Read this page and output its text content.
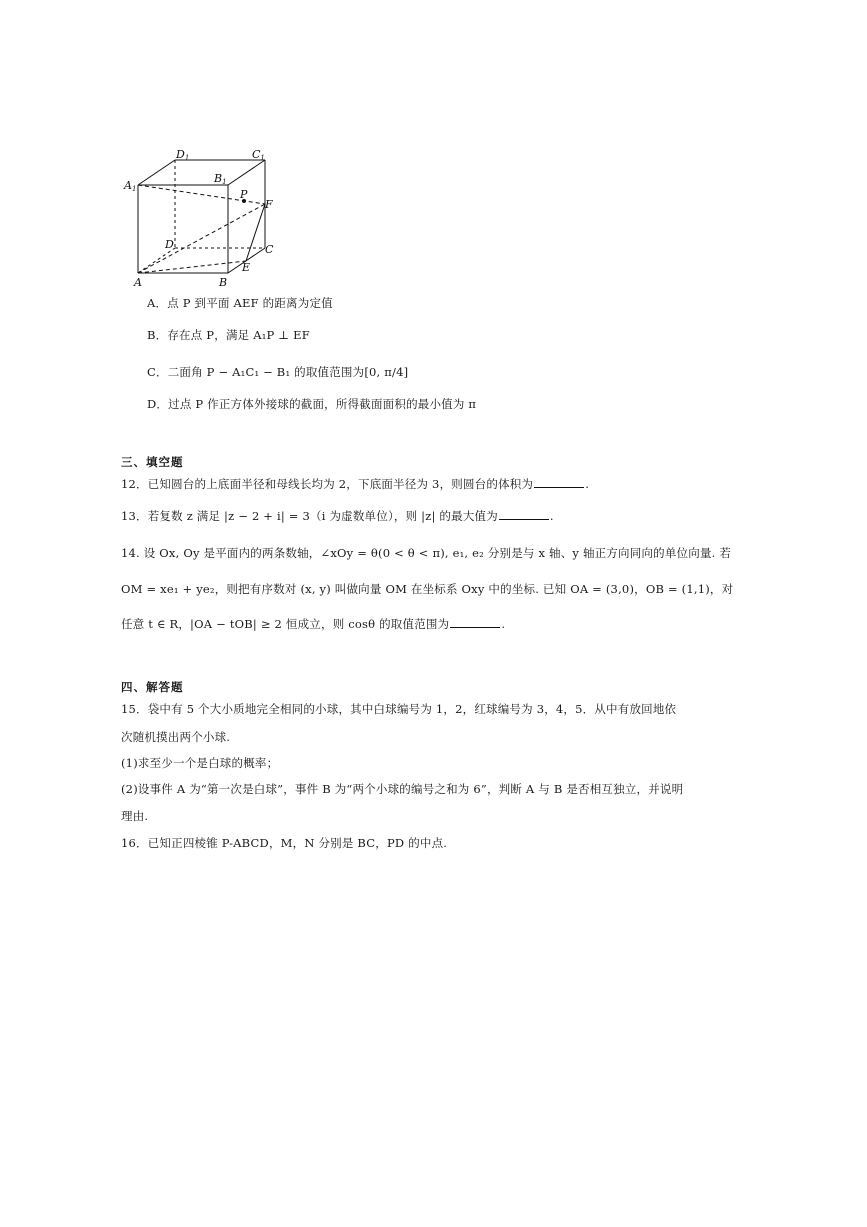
D1	C1
A1
B1
P
F
D	C
E
A	B
A．点 P 到平面 AEF 的距离为定值
B．存在点 P，满足 A₁P ⊥ EF
C．二面角 P − A₁C₁ − B₁ 的取值范围为[0, π/4]
D．过点 P 作正方体外接球的截面，所得截面面积的最小值为 π
三、填空题
12．已知圆台的上底面半径和母线长均为 2，下底面半径为 3，则圆台的体积为	.
13．若复数 z 满足 |z − 2 + i| = 3（i 为虚数单位），则 |z| 的最大值为	.
14. 设 Ox, Oy 是平面内的两条数轴，∠xOy = θ(0 < θ < π), e₁, e₂ 分别是与 x 轴、y 轴正方向同向的单位向量. 若
OM = xe₁ + ye₂，则把有序数对 (x, y) 叫做向量 OM 在坐标系 Oxy 中的坐标. 已知 OA = (3,0)，OB = (1,1)，对
任意 t ∈ R，|OA − tOB| ≥ 2 恒成立，则 cosθ 的取值范围为	.
四、解答题
15．袋中有 5 个大小质地完全相同的小球，其中白球编号为 1，2，红球编号为 3，4，5．从中有放回地依
次随机摸出两个小球.
(1)求至少一个是白球的概率；
(2)设事件 A 为“第一次是白球”，事件 B 为“两个小球的编号之和为 6”，判断 A 与 B 是否相互独立，并说明
理由.
16．已知正四棱锥 P-ABCD，M，N 分别是 BC，PD 的中点.
